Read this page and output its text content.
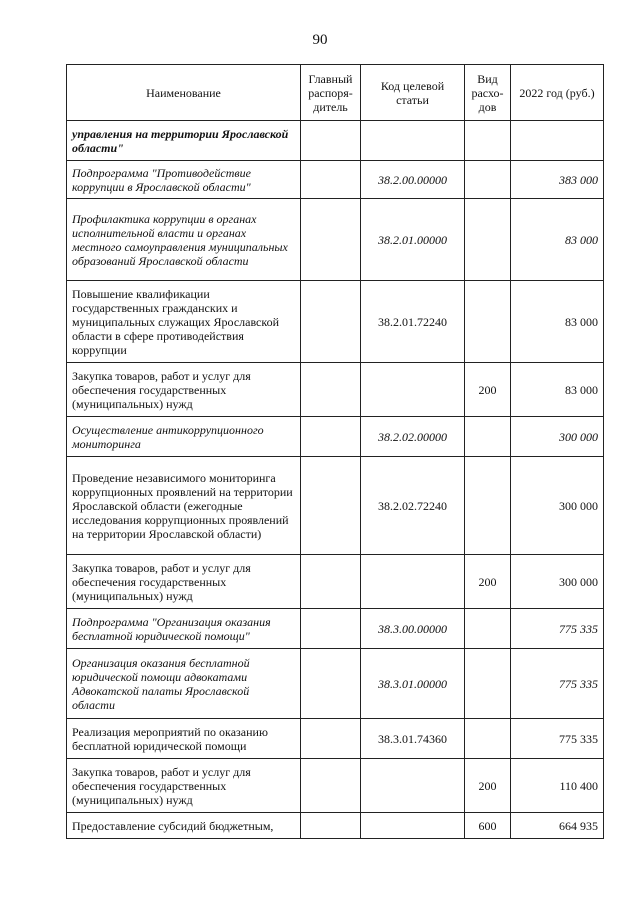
90
Наименование	Главный распоря-дитель	Код целевой статьи	Вид расхо-дов	2022 год (руб.)
управления на территории Ярославской области"				
Подпрограмма "Противодействие коррупции в Ярославской области"		38.2.00.00000		383 000
Профилактика коррупции в органах исполнительной власти и органах местного самоуправления муниципальных образований Ярославской области		38.2.01.00000		83 000
Повышение квалификации государственных гражданских и муниципальных служащих Ярославской области в сфере противодействия коррупции		38.2.01.72240		83 000
Закупка товаров, работ и услуг для обеспечения государственных (муниципальных) нужд			200	83 000
Осуществление антикоррупционного мониторинга		38.2.02.00000		300 000
Проведение независимого мониторинга коррупционных проявлений на территории Ярославской области (ежегодные исследования коррупционных проявлений на территории Ярославской области)		38.2.02.72240		300 000
Закупка товаров, работ и услуг для обеспечения государственных (муниципальных) нужд			200	300 000
Подпрограмма "Организация оказания бесплатной юридической помощи"		38.3.00.00000		775 335
Организация оказания бесплатной юридической помощи адвокатами Адвокатской палаты Ярославской области		38.3.01.00000		775 335
Реализация мероприятий по оказанию бесплатной юридической помощи		38.3.01.74360		775 335
Закупка товаров, работ и услуг для обеспечения государственных (муниципальных) нужд			200	110 400
Предоставление субсидий бюджетным,			600	664 935
